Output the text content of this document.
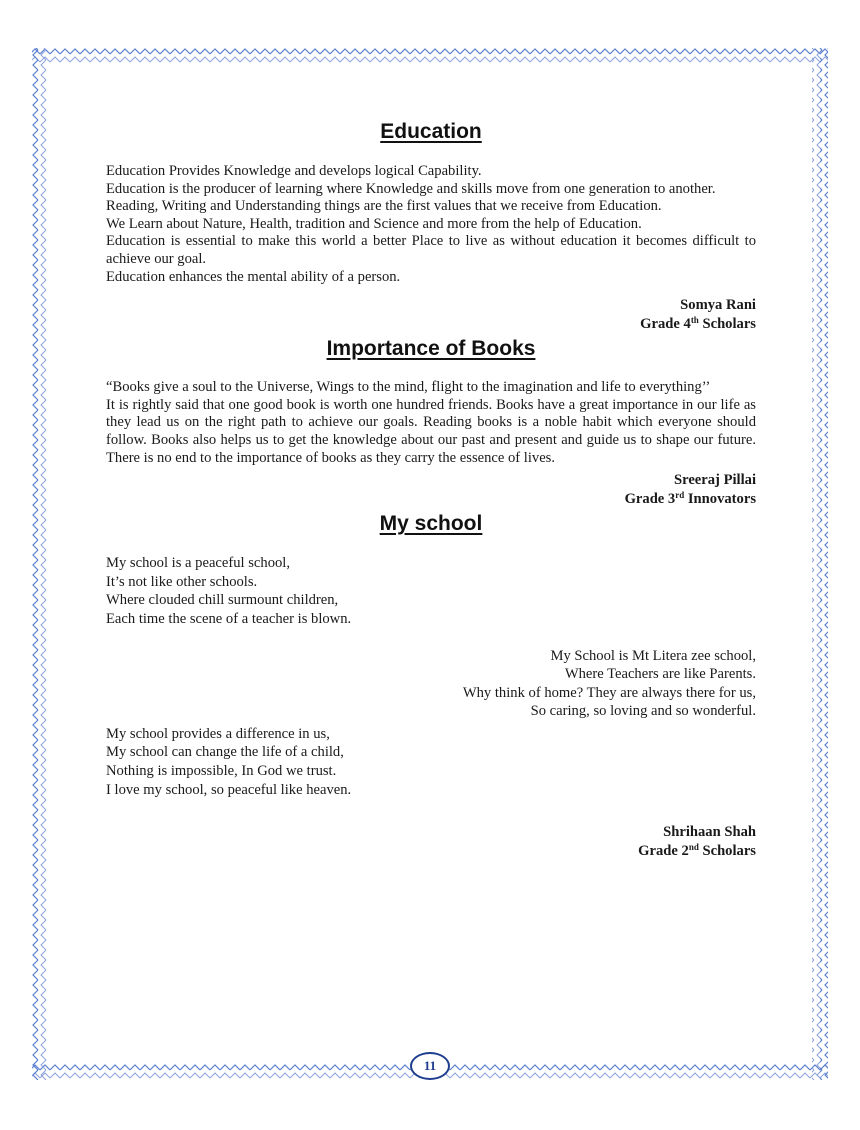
Education

Education Provides Knowledge and develops logical Capability.
Education is the producer of learning where Knowledge and skills move from one generation to another.
Reading, Writing and Understanding things are the first values that we receive from Education.
We Learn about Nature, Health, tradition and Science and more from the help of Education.
Education is essential to make this world a better Place to live as without education it becomes difficult to achieve our goal.
Education enhances the mental ability of a person.

Somya Rani

Grade 4th Scholars

Importance of Books

“Books give a soul to the Universe, Wings to the mind, flight to the imagination and life to everything’’
It is rightly said that one good book is worth one hundred friends. Books have a great importance in our life as they lead us on the right path to achieve our goals. Reading books is a noble habit which everyone should follow. Books also helps us to get the knowledge about our past and present and guide us to shape our future. There is no end to the importance of books as they carry the essence of lives.

Sreeraj Pillai

Grade 3rd Innovators

My school

My school is a peaceful school,
It’s not like other schools.
Where clouded chill surmount children,
Each time the scene of a teacher is blown.

My School is Mt Litera zee school,
Where Teachers are like Parents.
Why think of home? They are always there for us,
So caring, so loving and so wonderful.

My school provides a difference in us,
My school can change the life of a child,
Nothing is impossible, In God we trust.
I love my school, so peaceful like heaven.

Shrihaan Shah

Grade 2nd Scholars

11
